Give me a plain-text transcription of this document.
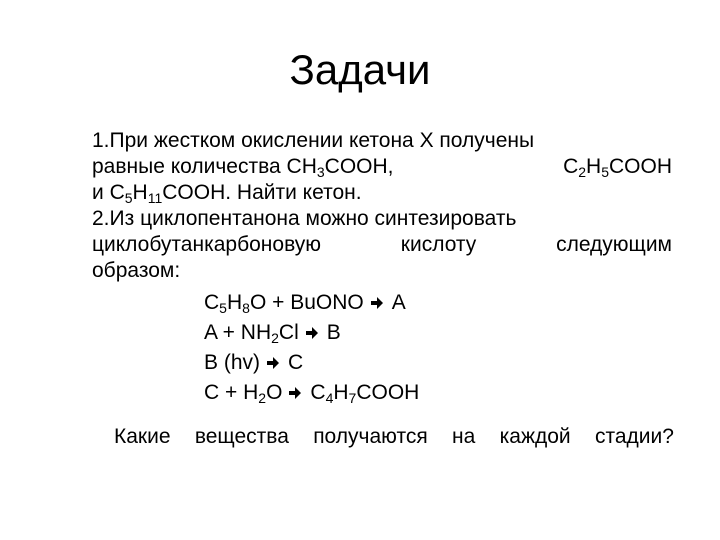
Задачи
1.При жестком окислении кетона X получены
равные количества $CH_3COOH$,	$C_2H_5COOH$
и $C_5H_{11}COOH$. Найти кетон.
2.Из циклопентанона можно синтезировать
циклобутанкарбоновую	кислоту	следующим
образом:
$C_5H_8O$ + BuONO A
$A + NH_2Cl$ B
B (hv) C
$C + H_2O$ $C_4H_7COOH$
Какие вещества получаются на каждой стадии?
